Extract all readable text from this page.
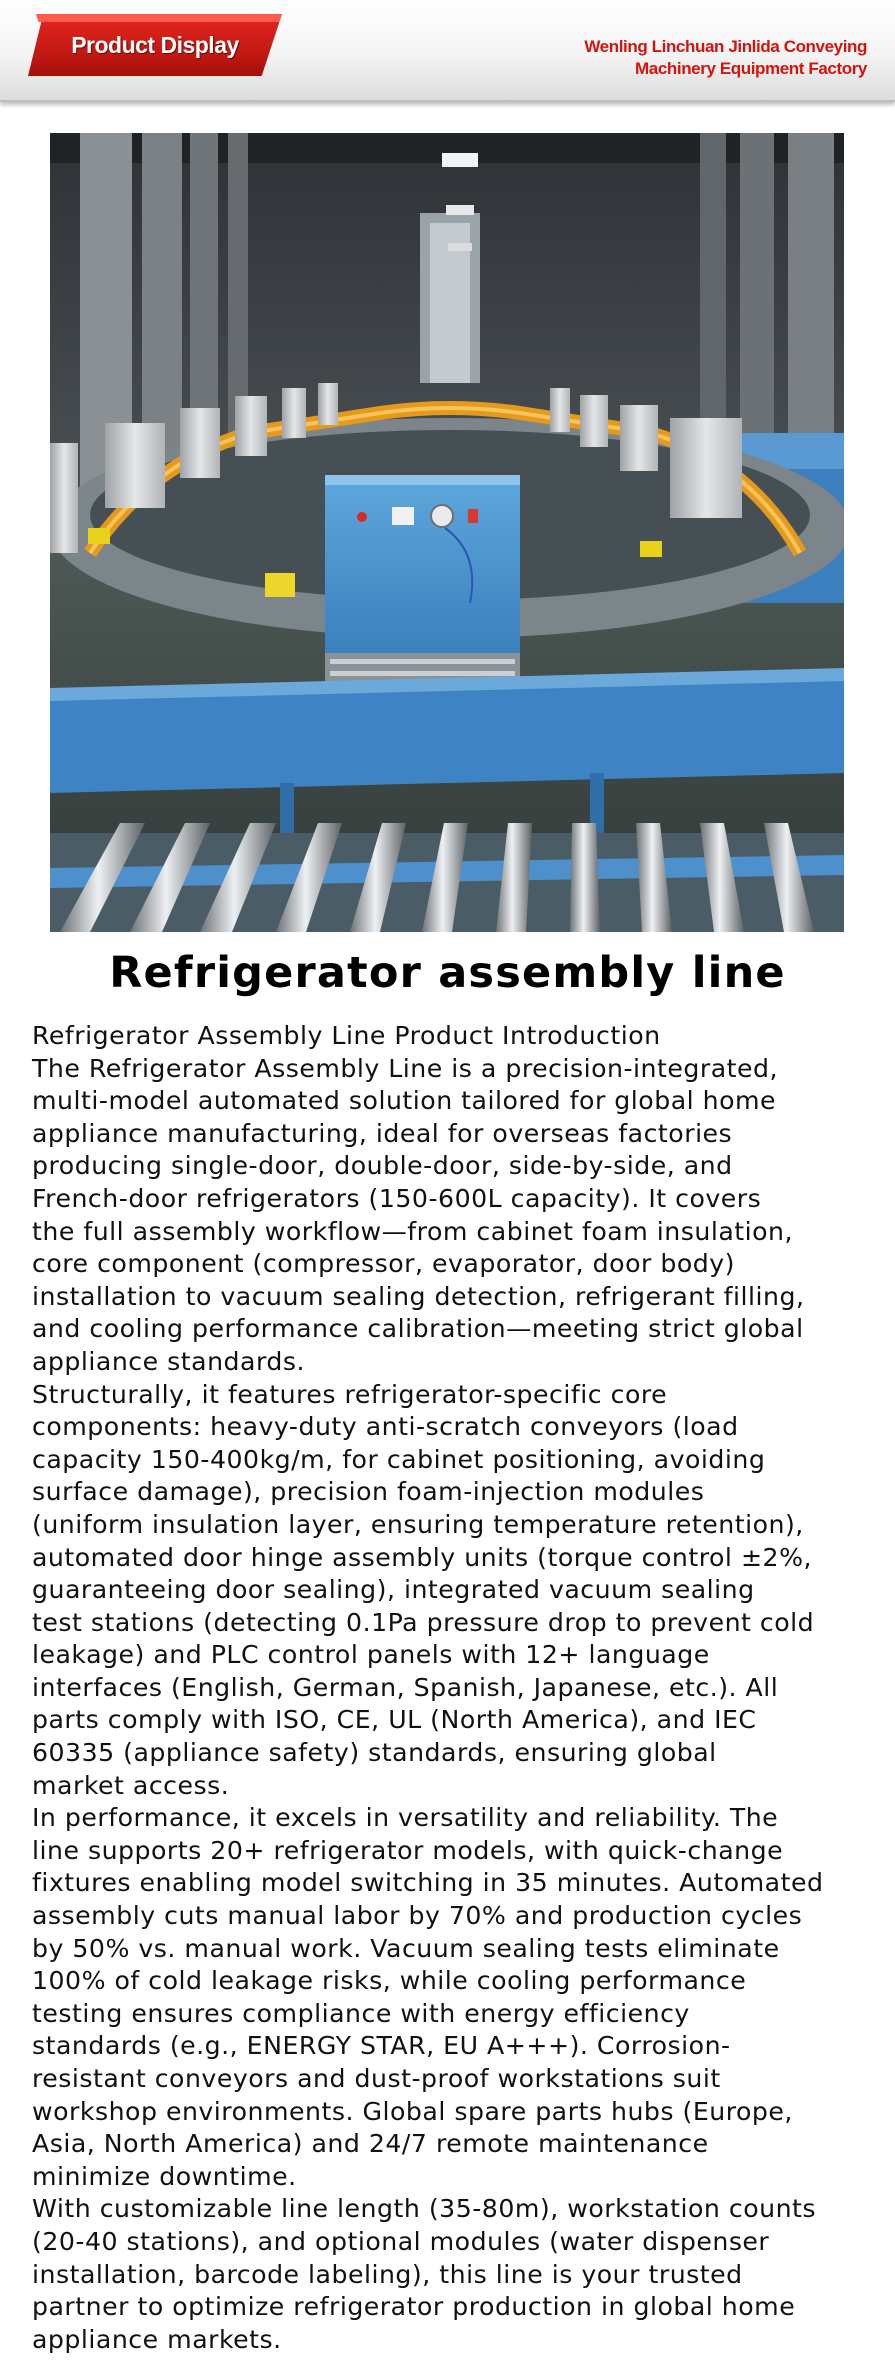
Product Display	Wenling Linchuan Jinlida Conveying
Machinery Equipment Factory
Refrigerator assembly line

Refrigerator Assembly Line Product Introduction

The Refrigerator Assembly Line is a precision-integrated,
multi-model automated solution tailored for global home
appliance manufacturing, ideal for overseas factories
producing single-door, double-door, side-by-side, and
French-door refrigerators (150-600L capacity). It covers
the full assembly workflow—from cabinet foam insulation,
core component (compressor, evaporator, door body)
installation to vacuum sealing detection, refrigerant filling,
and cooling performance calibration—meeting strict global
appliance standards.

Structurally, it features refrigerator-specific core
components: heavy-duty anti-scratch conveyors (load
capacity 150-400kg/m, for cabinet positioning, avoiding
surface damage), precision foam-injection modules
(uniform insulation layer, ensuring temperature retention),
automated door hinge assembly units (torque control ±2%,
guaranteeing door sealing), integrated vacuum sealing
test stations (detecting 0.1Pa pressure drop to prevent cold
leakage) and PLC control panels with 12+ language
interfaces (English, German, Spanish, Japanese, etc.). All
parts comply with ISO, CE, UL (North America), and IEC
60335 (appliance safety) standards, ensuring global
market access.

In performance, it excels in versatility and reliability. The
line supports 20+ refrigerator models, with quick-change
fixtures enabling model switching in 35 minutes. Automated
assembly cuts manual labor by 70% and production cycles
by 50% vs. manual work. Vacuum sealing tests eliminate
100% of cold leakage risks, while cooling performance
testing ensures compliance with energy efficiency
standards (e.g., ENERGY STAR, EU A+++). Corrosion-
resistant conveyors and dust-proof workstations suit
workshop environments. Global spare parts hubs (Europe,
Asia, North America) and 24/7 remote maintenance
minimize downtime.

With customizable line length (35-80m), workstation counts
(20-40 stations), and optional modules (water dispenser
installation, barcode labeling), this line is your trusted
partner to optimize refrigerator production in global home
appliance markets.
